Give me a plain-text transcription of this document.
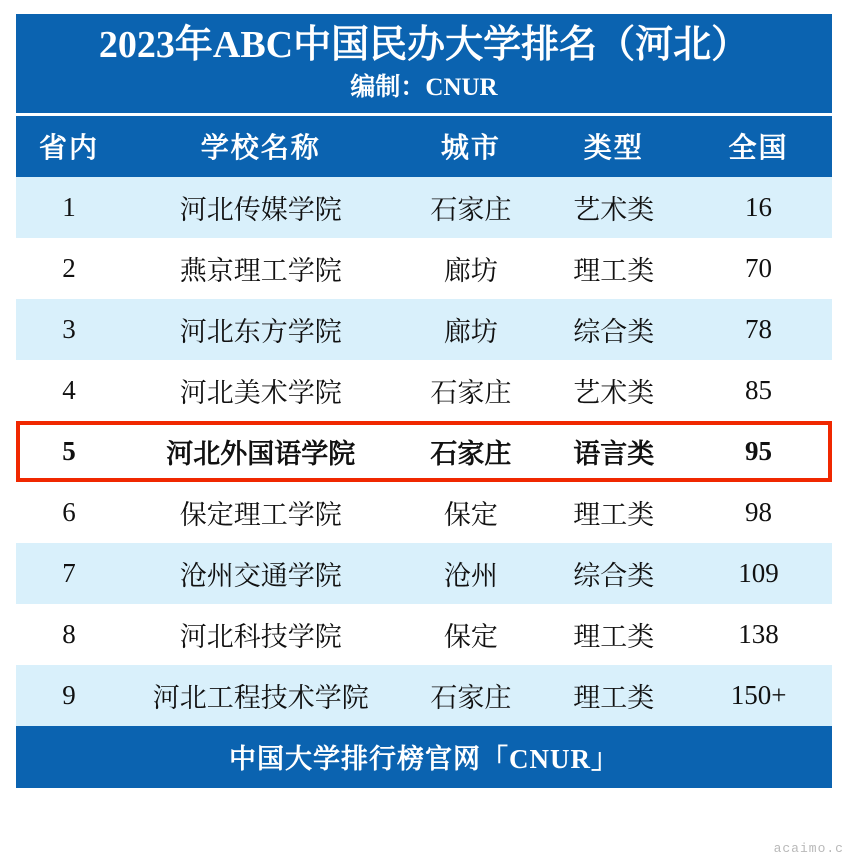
2023年ABC中国民办大学排名（河北）
编制：CNUR
省内	学校名称	城市	类型	全国
1	河北传媒学院	石家庄	艺术类	16
2	燕京理工学院	廊坊	理工类	70
3	河北东方学院	廊坊	综合类	78
4	河北美术学院	石家庄	艺术类	85
5	河北外国语学院	石家庄	语言类	95
6	保定理工学院	保定	理工类	98
7	沧州交通学院	沧州	综合类	109
8	河北科技学院	保定	理工类	138
9	河北工程技术学院	石家庄	理工类	150+
中国大学排行榜官网「CNUR」
acaimo.c
